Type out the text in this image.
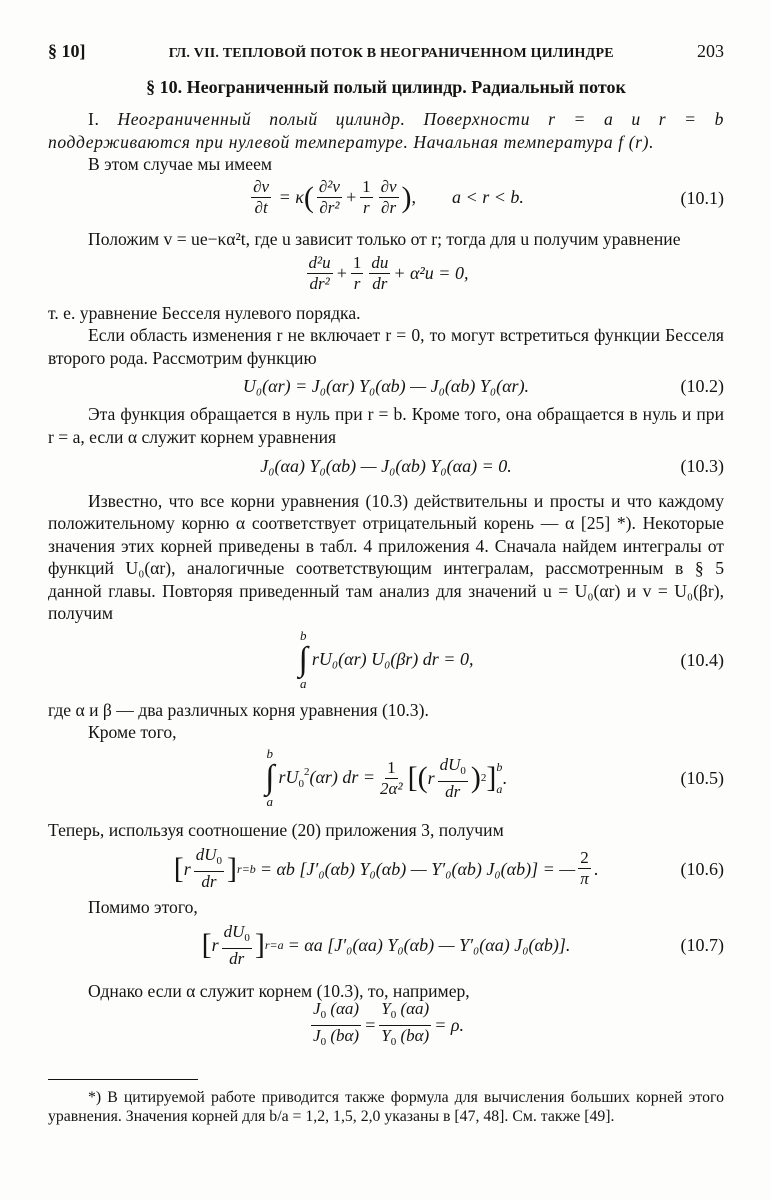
§ 10]	ГЛ. VII. ТЕПЛОВОЙ ПОТОК В НЕОГРАНИЧЕННОМ ЦИЛИНДРЕ	203
§ 10. Неограниченный полый цилиндр. Радиальный поток

I. Неограниченный полый цилиндр. Поверхности r = a и r = b поддерживаются при нулевой температуре. Начальная температура f (r).

В этом случае мы имеем

$\frac{\partial v}{\partial t} = \kappa$ ( $\frac{\text{∂²v}}{\text{∂r²}} + \frac{1}{r} \frac{\partial v}{\partial r}$ ) , a < r < b.	(10.1)

Положим v = ue−κα²t, где u зависит только от r; тогда для u получим уравнение

$\frac{\text{d²u}}{\text{dr²}} + \frac{1}{r} \frac{du}{dr} + \alpha^2u = 0$,

т. е. уравнение Бесселя нулевого порядка.

Если область изменения r не включает r = 0, то могут встретиться функции Бесселя второго рода. Рассмотрим функцию

U₀(αr) = J₀(αr) Y₀(αb) — J₀(αb) Y₀(αr).	(10.2)

Эта функция обращается в нуль при r = b. Кроме того, она обращается в нуль и при r = a, если α служит корнем уравнения

J₀(αa) Y₀(αb) — J₀(αb) Y₀(αa) = 0.	(10.3)

Известно, что все корни уравнения (10.3) действительны и просты и что каждому положительному корню α соответствует отрицательный корень — α [25] *). Некоторые значения этих корней приведены в табл. 4 приложения 4. Сначала найдем интегралы от функций U₀(αr), аналогичные соответствующим интегралам, рассмотренным в § 5 данной главы. Повторяя приведенный там анализ для значений u = U₀(αr) и v = U₀(βr), получим

b
∫
a
rU₀(αr) U₀(βr) dr = 0,	(10.4)

где α и β — два различных корня уравнения (10.3).

Кроме того,

b
∫
a
$rU_0^2(\alpha r)$ dr = $\frac{1}{\text{2α²}}$ [ ( r $\frac{dU_0}{dr}$ ) 2 ] b
a
.	(10.5)

Теперь, используя соотношение (20) приложения 3, получим

[ r $\frac{dU_0}{dr}$ ] r=b = αb [J′₀(αb) Y₀(αb) — Y′₀(αb) J₀(αb)] = — $\frac{2}{\pi}$ .	(10.6)

Помимо этого,

[ r $\frac{dU_0}{dr}$ ] r=a = αa [J′₀(αa) Y₀(αb) — Y′₀(αa) J₀(αb)].	(10.7)

Однако если α служит корнем (10.3), то, например,

$\frac{J_0 (\alpha a)}{J_0 (b\alpha)} = \frac{Y_0 (\alpha a)}{Y_0 (b\alpha)} = \rho$.

*) В цитируемой работе приводится также формула для вычисления больших корней этого уравнения. Значения корней для b/a = 1,2, 1,5, 2,0 указаны в [47, 48]. См. также [49].
